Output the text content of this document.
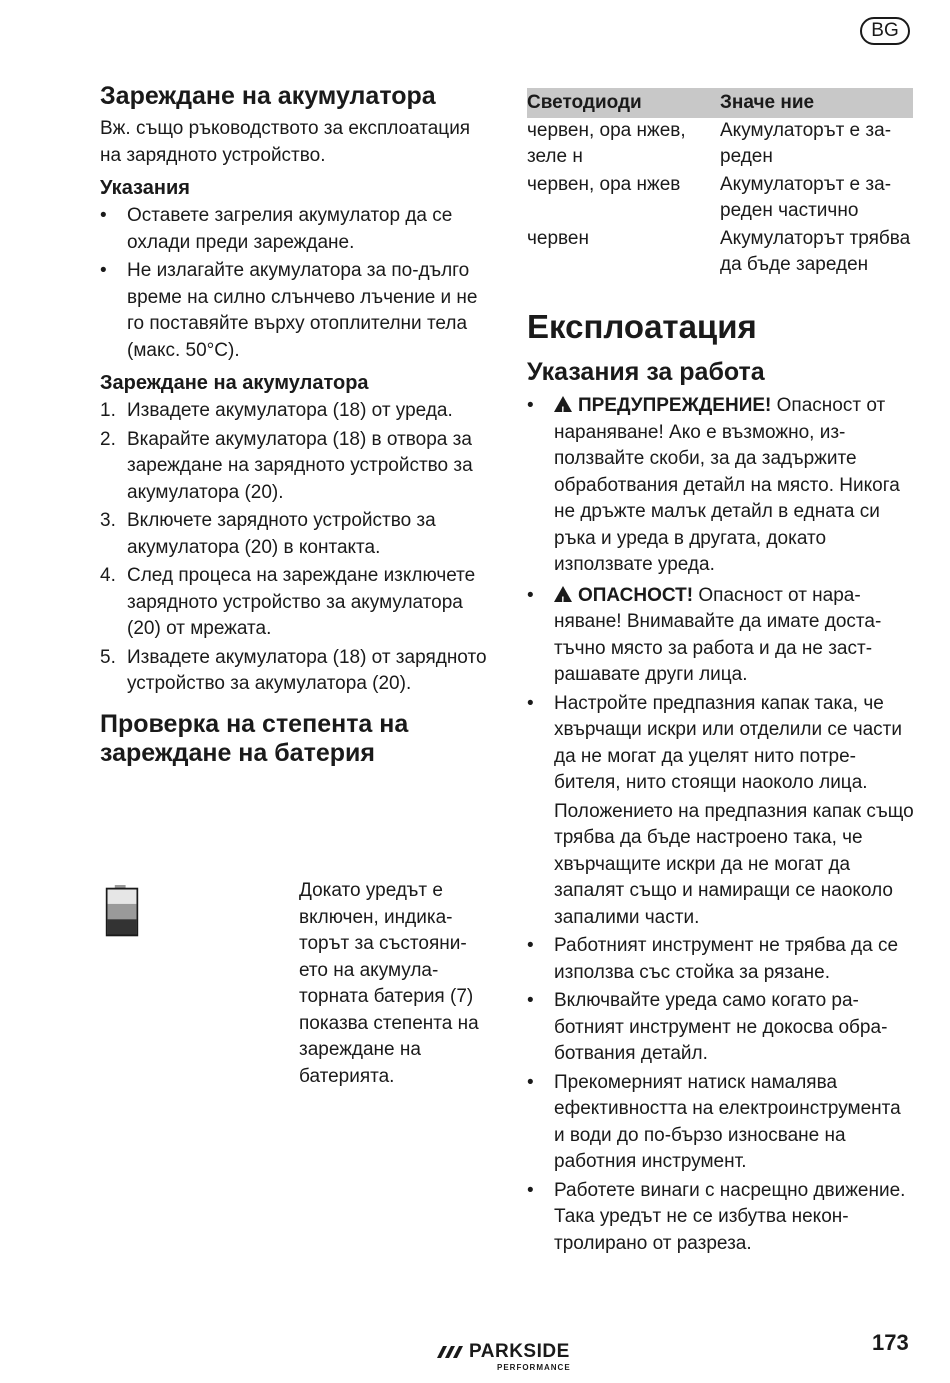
BG
Зареждане на акумулатора

Вж. също ръководството за експлоатация на зарядното устройство.

Указания
•	Оставете загрелия акумулатор да се охлади преди зареждане.
•	Не излагайте акумулатора за по-дълго време на силно слънчево лъчение и не го поставяйте върху отоплителни тела (макс. 50°C).
Зареждане на акумулатора
1. Извадете акумулатора (18) от уреда.
2. Вкарайте акумулатора (18) в отвора за зареждане на зарядното устройство за акумулатора (20).
3. Включете зарядното устройство за акумулатора (20) в контакта.
4. След процеса на зареждане изключете зарядното устройство за акумулатора (20) от мрежата.
5. Извадете акумулатора (18) от зарядното устройство за акумулатора (20).
Проверка на степента на зареждане на батерия

Докато уредът е включен, индикаторът за състоянието на акумулаторната батерия (7) показва степента на зареждане на батерията.

Светодиоди	Значе ние
червен, ора нжев, зеле н	Акумулаторът е зареден
червен, ора нжев	Акумулаторът е зареден частично
червен	Акумулаторът трябва да бъде зареден
Експлоатация
Указания за работа
• !	ПРЕДУПРЕЖДЕНИЕ! Опасност от нараняване! Ако е възможно, използвайте скоби, за да задържите обработвания детайл на място. Никога не дръжте малък детайл в едната си ръка и уреда в другата, докато използвате уреда.
• !	ОПАСНОСТ! Опасност от нараняване! Внимавайте да имате достатъчно място за работа и да не застрашавате други лица.
•	Настройте предпазния капак така, че хвърчащи искри или отделили се части да не могат да уцелят нито потребителя, нито стоящи наоколо лица.
Положението на предпазния капак също трябва да бъде настроено така, че хвърчащите искри да не могат да запалят също и намиращи се наоколо запалими части.
•	Работният инструмент не трябва да се използва със стойка за рязане.
•	Включвайте уреда само когато работният инструмент не докосва обработвания детайл.
•	Прекомерният натиск намалява ефективността на електроинструмента и води до по-бързо износване на работния инструмент.
•	Работете винаги с насрещно движение. Така уредът не се избутва неконтролирано от разреза.
PARKSIDE
PERFORMANCE
173
